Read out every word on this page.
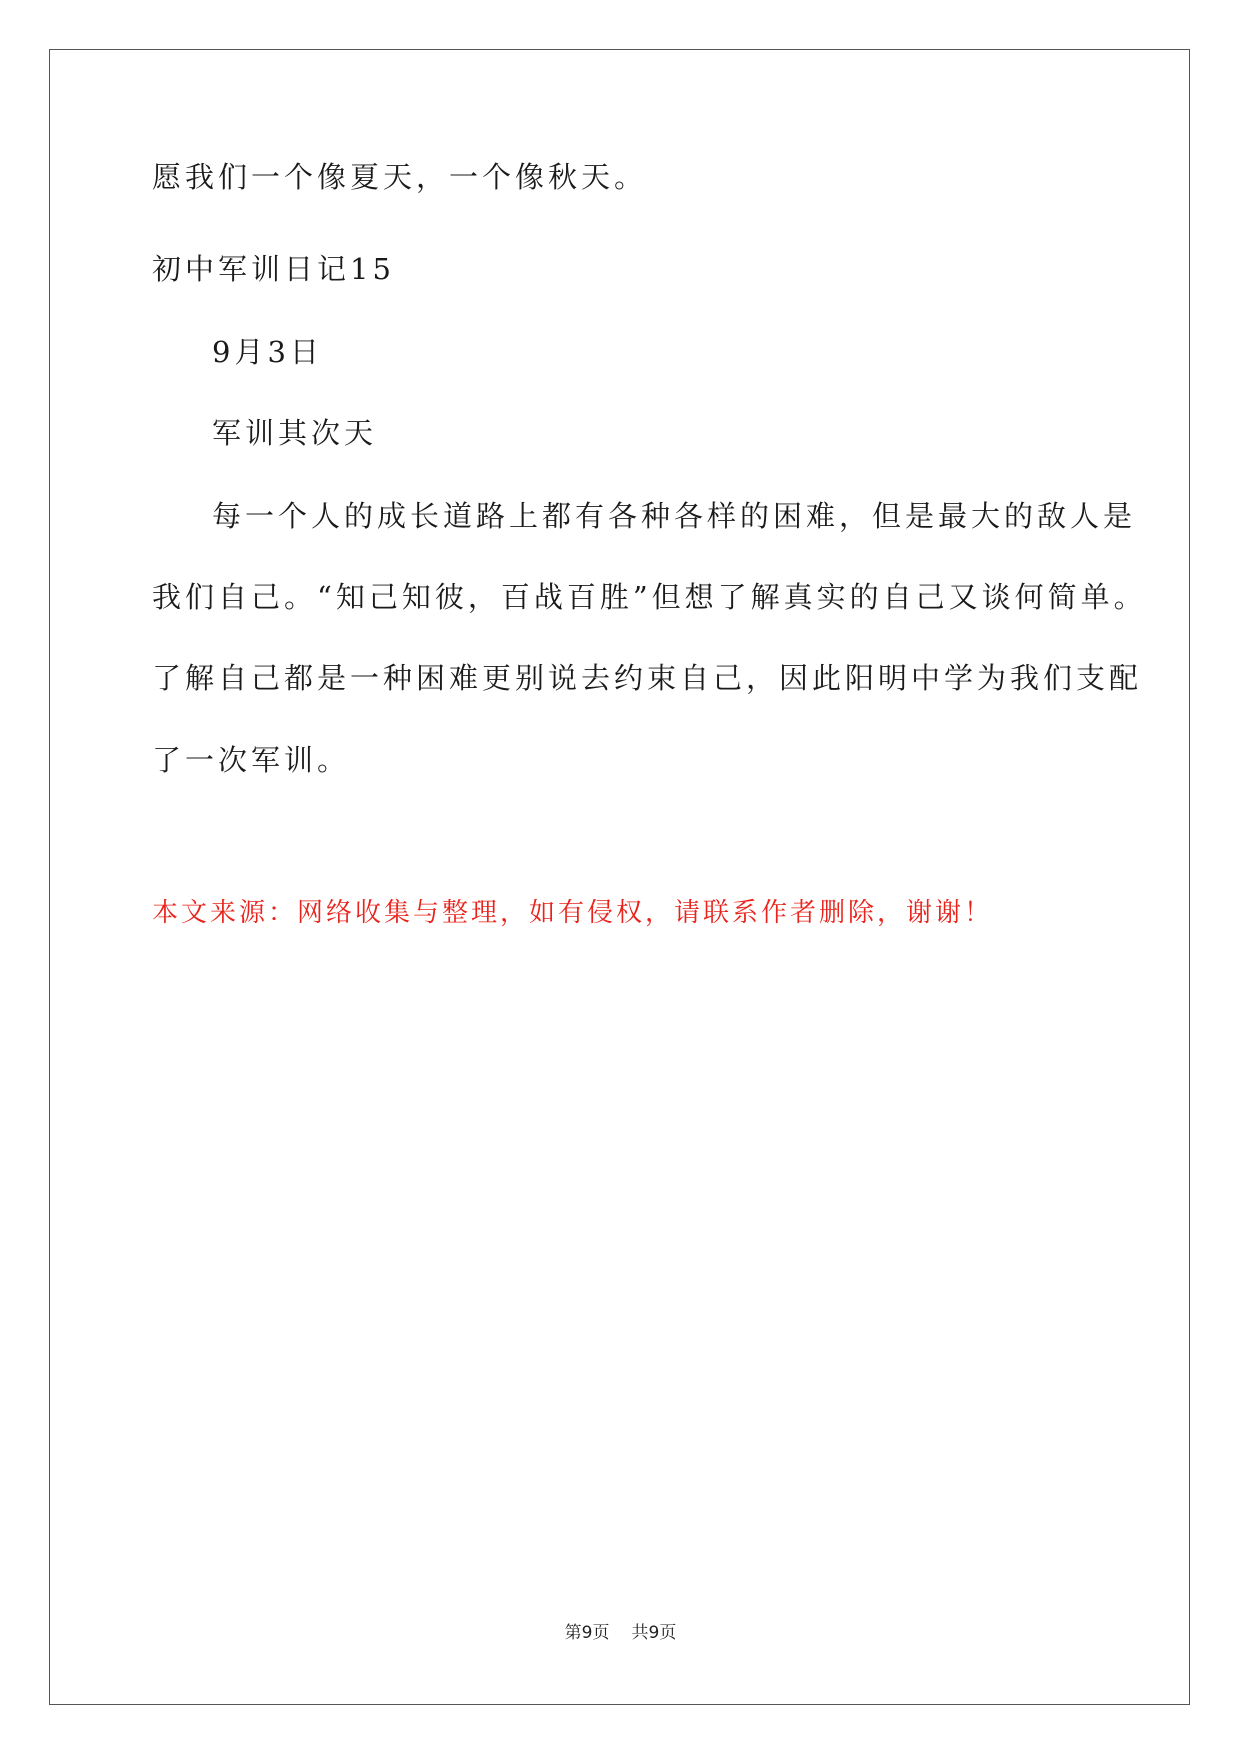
愿我们一个像夏天，一个像秋天。
初中军训日记15
9月3日
军训其次天
每一个人的成长道路上都有各种各样的困难，但是最大的敌人是
我们自己。“知己知彼，百战百胜”但想了解真实的自己又谈何简单。
了解自己都是一种困难更别说去约束自己，因此阳明中学为我们支配
了一次军训。
本文来源：网络收集与整理，如有侵权，请联系作者删除，谢谢！
第9页 共9页
